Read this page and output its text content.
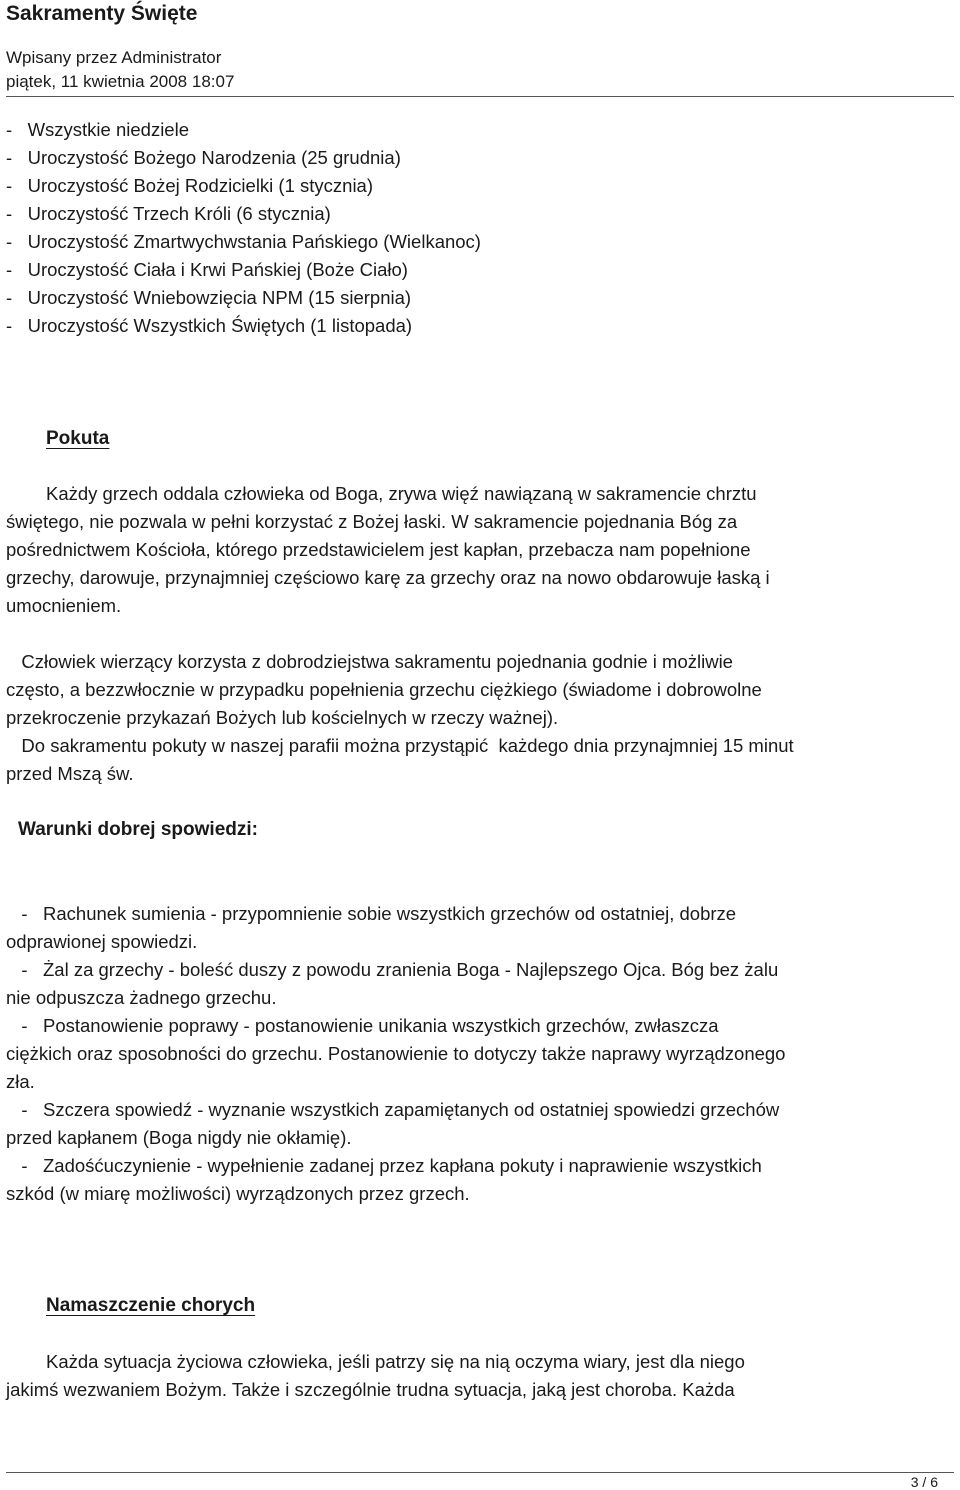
Sakramenty Święte
Wpisany przez Administrator
piątek, 11 kwietnia 2008 18:07
-   Wszystkie niedziele
-   Uroczystość Bożego Narodzenia (25 grudnia)
-   Uroczystość Bożej Rodzicielki (1 stycznia)
-   Uroczystość Trzech Króli (6 stycznia)
-   Uroczystość Zmartwychwstania Pańskiego (Wielkanoc)
-   Uroczystość Ciała i Krwi Pańskiej (Boże Ciało)
-   Uroczystość Wniebowzięcia NPM (15 sierpnia)
-   Uroczystość Wszystkich Świętych (1 listopada)
Pokuta
Każdy grzech oddala człowieka od Boga, zrywa więź nawiązaną w sakramencie chrztu
świętego, nie pozwala w pełni korzystać z Bożej łaski. W sakramencie pojednania Bóg za
pośrednictwem Kościoła, którego przedstawicielem jest kapłan, przebacza nam popełnione
grzechy, darowuje, przynajmniej częściowo karę za grzechy oraz na nowo obdarowuje łaską i
umocnieniem.
Człowiek wierzący korzysta z dobrodziejstwa sakramentu pojednania godnie i możliwie
często, a bezzwłocznie w przypadku popełnienia grzechu ciężkiego (świadome i dobrowolne
przekroczenie przykazań Bożych lub kościelnych w rzeczy ważnej).
Do sakramentu pokuty w naszej parafii można przystąpić  każdego dnia przynajmniej 15 minut
przed Mszą św.
Warunki dobrej spowiedzi:
-   Rachunek sumienia - przypomnienie sobie wszystkich grzechów od ostatniej, dobrze
odprawionej spowiedzi.
-   Żal za grzechy - boleść duszy z powodu zranienia Boga - Najlepszego Ojca. Bóg bez żalu
nie odpuszcza żadnego grzechu.
-   Postanowienie poprawy - postanowienie unikania wszystkich grzechów, zwłaszcza
ciężkich oraz sposobności do grzechu. Postanowienie to dotyczy także naprawy wyrządzonego
zła.
-   Szczera spowiedź - wyznanie wszystkich zapamiętanych od ostatniej spowiedzi grzechów
przed kapłanem (Boga nigdy nie okłamię).
-   Zadośćuczynienie - wypełnienie zadanej przez kapłana pokuty i naprawienie wszystkich
szkód (w miarę możliwości) wyrządzonych przez grzech.
Namaszczenie chorych
Każda sytuacja życiowa człowieka, jeśli patrzy się na nią oczyma wiary, jest dla niego
jakimś wezwaniem Bożym. Także i szczególnie trudna sytuacja, jaką jest choroba. Każda
3 / 6
